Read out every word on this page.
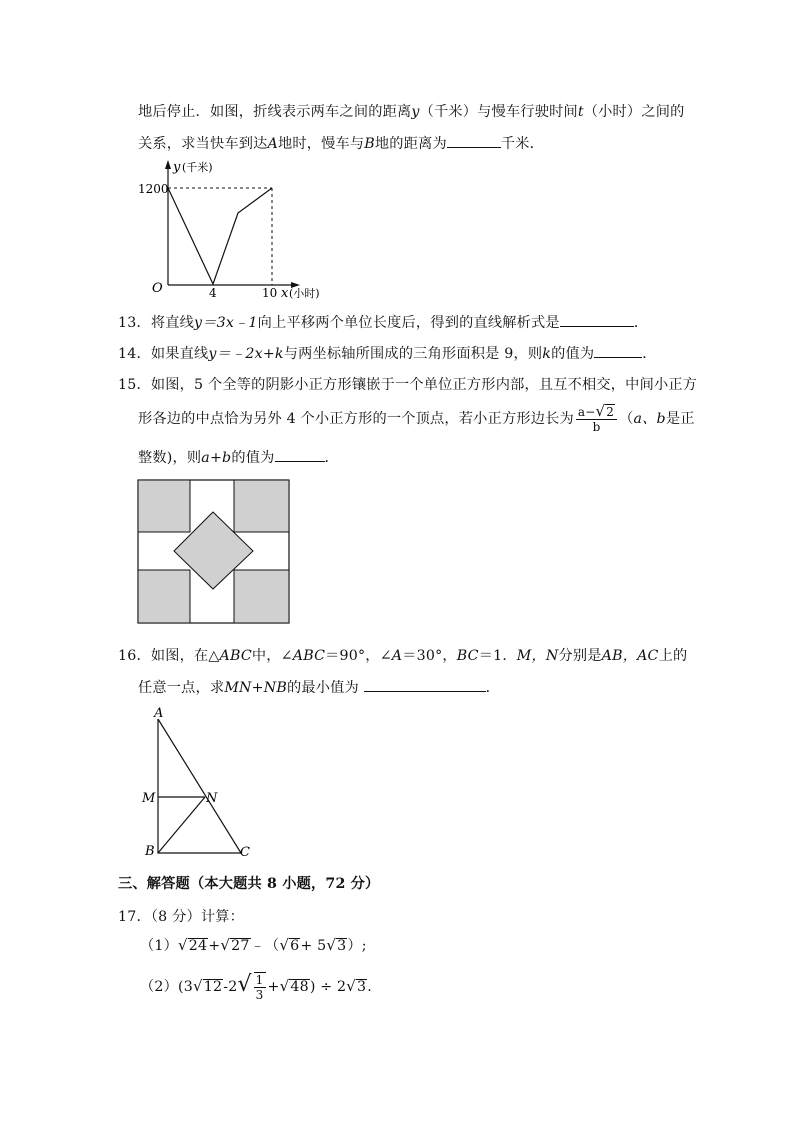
地后停止．如图，折线表示两车之间的距离y（千米）与慢车行驶时间t（小时）之间的
关系，求当快车到达A地时，慢车与B地的距离为	千米．
y (千米)
1200
O	4	10 x (小时)
13．将直线y＝3x﹣1向上平移两个单位长度后，得到的直线解析式是	．
14．如果直线y＝﹣2x+k与两坐标轴所围成的三角形面积是 9，则k的值为	．
15．如图，5 个全等的阴影小正方形镶嵌于一个单位正方形内部，且互不相交，中间小正方
形各边的中点恰为另外 4 个小正方形的一个顶点，若小正方形边长为 $\frac{a-√2}{b} (a$、b是正
整数)，则a+b的值为	．
16．如图，在△ABC中，∠ABC＝90°，∠A＝30°，BC＝1．M，N分别是AB，AC上的
任意一点，求MN+NB的最小值为	．
A
M	N
B	C
三、解答题（本大题共 8 小题，72 分）
17．（8 分）计算：
（1）√24+√27﹣（√6+ 5√3）;
$(2)(3√12-2√ \frac{1}{3} +√48) \div 2√3$.
